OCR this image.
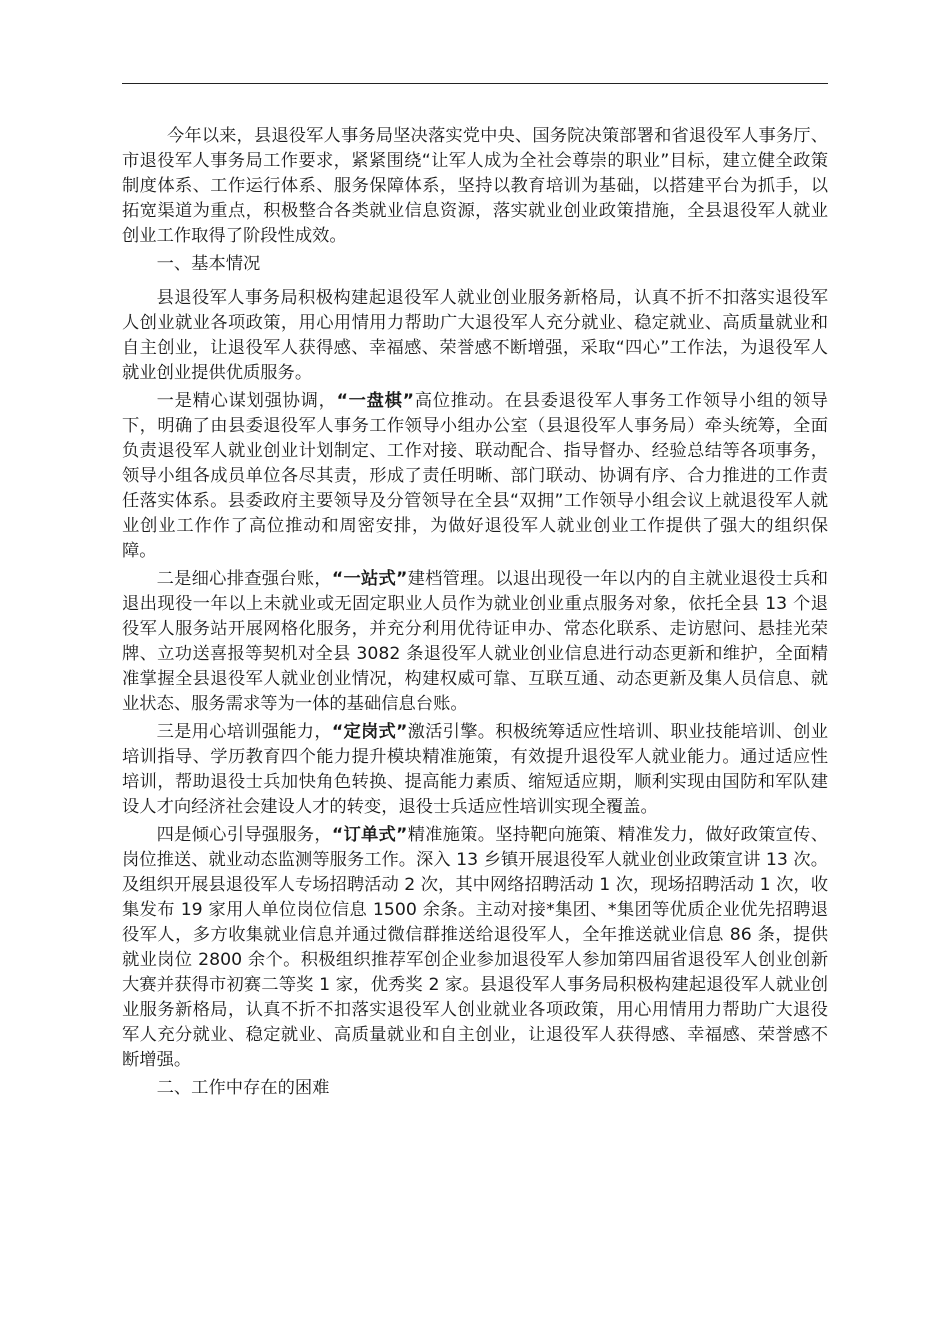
今年以来，县退役军人事务局坚决落实党中央、国务院决策部署和省退役军人事务厅、市退役军人事务局工作要求，紧紧围绕“让军人成为全社会尊崇的职业”目标，建立健全政策制度体系、工作运行体系、服务保障体系，坚持以教育培训为基础，以搭建平台为抓手，以拓宽渠道为重点，积极整合各类就业信息资源，落实就业创业政策措施，全县退役军人就业创业工作取得了阶段性成效。

一、基本情况

县退役军人事务局积极构建起退役军人就业创业服务新格局，认真不折不扣落实退役军人创业就业各项政策，用心用情用力帮助广大退役军人充分就业、稳定就业、高质量就业和自主创业，让退役军人获得感、幸福感、荣誉感不断增强，采取“四心”工作法，为退役军人就业创业提供优质服务。

一是精心谋划强协调，“一盘棋”高位推动。在县委退役军人事务工作领导小组的领导下，明确了由县委退役军人事务工作领导小组办公室（县退役军人事务局）牵头统筹，全面负责退役军人就业创业计划制定、工作对接、联动配合、指导督办、经验总结等各项事务，领导小组各成员单位各尽其责，形成了责任明晰、部门联动、协调有序、合力推进的工作责任落实体系。县委政府主要领导及分管领导在全县“双拥”工作领导小组会议上就退役军人就业创业工作作了高位推动和周密安排，为做好退役军人就业创业工作提供了强大的组织保障。

二是细心排查强台账，“一站式”建档管理。以退出现役一年以内的自主就业退役士兵和退出现役一年以上未就业或无固定职业人员作为就业创业重点服务对象，依托全县 13 个退役军人服务站开展网格化服务，并充分利用优待证申办、常态化联系、走访慰问、悬挂光荣牌、立功送喜报等契机对全县 3082 条退役军人就业创业信息进行动态更新和维护，全面精准掌握全县退役军人就业创业情况，构建权威可靠、互联互通、动态更新及集人员信息、就业状态、服务需求等为一体的基础信息台账。

三是用心培训强能力，“定岗式”激活引擎。积极统筹适应性培训、职业技能培训、创业培训指导、学历教育四个能力提升模块精准施策，有效提升退役军人就业能力。通过适应性培训，帮助退役士兵加快角色转换、提高能力素质、缩短适应期，顺利实现由国防和军队建设人才向经济社会建设人才的转变，退役士兵适应性培训实现全覆盖。

四是倾心引导强服务，“订单式”精准施策。坚持靶向施策、精准发力，做好政策宣传、岗位推送、就业动态监测等服务工作。深入 13 乡镇开展退役军人就业创业政策宣讲 13 次。及组织开展县退役军人专场招聘活动 2 次，其中网络招聘活动 1 次，现场招聘活动 1 次，收集发布 19 家用人单位岗位信息 1500 余条。主动对接*集团、*集团等优质企业优先招聘退役军人，多方收集就业信息并通过微信群推送给退役军人，全年推送就业信息 86 条，提供就业岗位 2800 余个。积极组织推荐军创企业参加退役军人参加第四届省退役军人创业创新大赛并获得市初赛二等奖 1 家，优秀奖 2 家。县退役军人事务局积极构建起退役军人就业创业服务新格局，认真不折不扣落实退役军人创业就业各项政策，用心用情用力帮助广大退役军人充分就业、稳定就业、高质量就业和自主创业，让退役军人获得感、幸福感、荣誉感不断增强。

二、工作中存在的困难
